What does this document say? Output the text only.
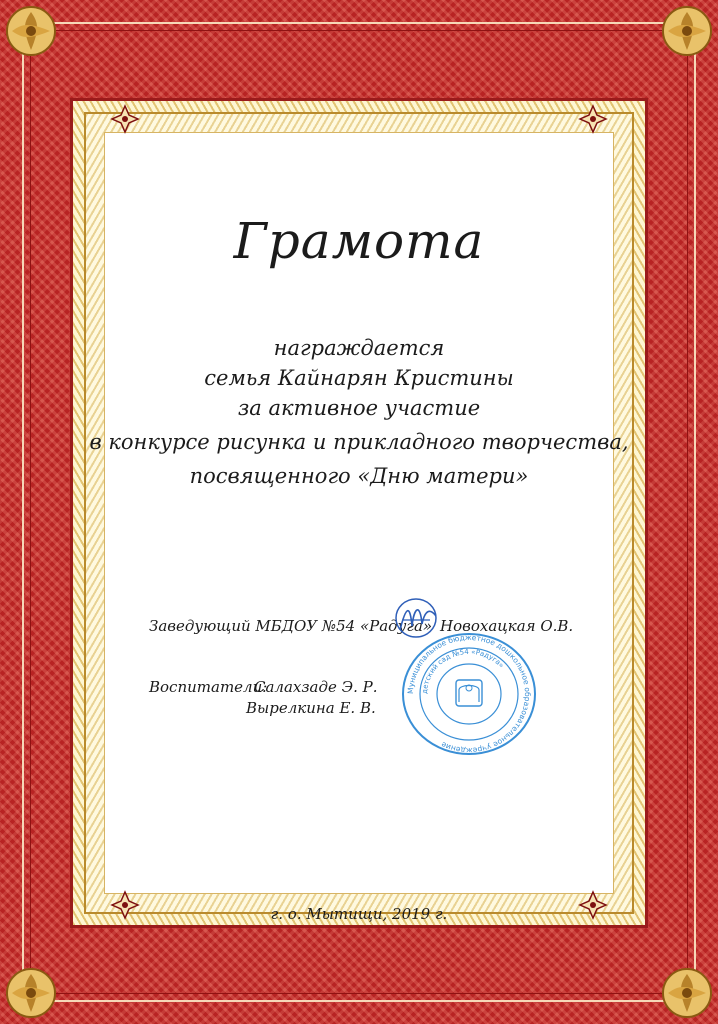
Грамота
награждается
семья Кайнарян Кристины
за активное участие
в конкурсе рисунка и прикладного творчества,
посвященного «Дню матери»
Заведующий МБДОУ №54 «Радуга» Новохацкая О.В.
Воспитатели:
Салахзаде Э. Р.
Вырелкина Е. В.
Муниципальное бюджетное дошкольное образовательное учреждение
детский сад №54 «Радуга»
г. о. Мытищи, 2019 г.
